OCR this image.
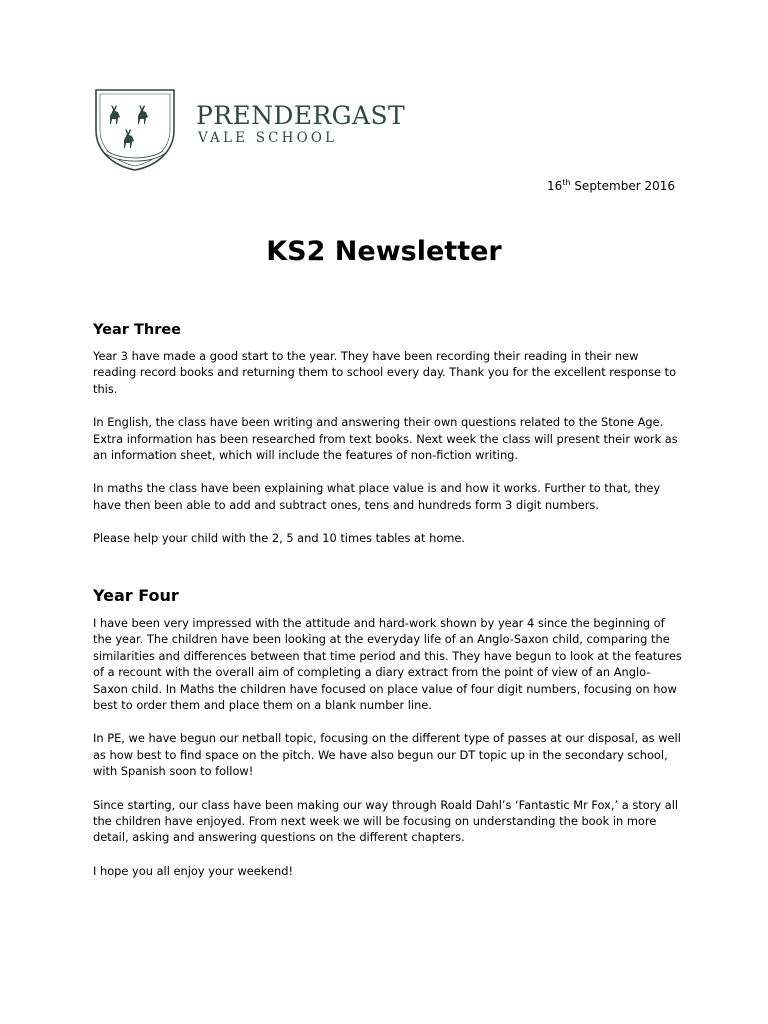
PRENDERGAST
VALE SCHOOL
16th September 2016
KS2 Newsletter
Year Three

Year 3 have made a good start to the year. They have been recording their reading in their new reading record books and returning them to school every day. Thank you for the excellent response to this.

In English, the class have been writing and answering their own questions related to the Stone Age. Extra information has been researched from text books. Next week the class will present their work as an information sheet, which will include the features of non-fiction writing.

In maths the class have been explaining what place value is and how it works. Further to that, they have then been able to add and subtract ones, tens and hundreds form 3 digit numbers.

Please help your child with the 2, 5 and 10 times tables at home.

Year Four

I have been very impressed with the attitude and hard-work shown by year 4 since the beginning of the year. The children have been looking at the everyday life of an Anglo-Saxon child, comparing the similarities and differences between that time period and this. They have begun to look at the features of a recount with the overall aim of completing a diary extract from the point of view of an Anglo-Saxon child. In Maths the children have focused on place value of four digit numbers, focusing on how best to order them and place them on a blank number line.

In PE, we have begun our netball topic, focusing on the different type of passes at our disposal, as well as how best to find space on the pitch. We have also begun our DT topic up in the secondary school, with Spanish soon to follow!

Since starting, our class have been making our way through Roald Dahl’s ‘Fantastic Mr Fox,’ a story all the children have enjoyed. From next week we will be focusing on understanding the book in more detail, asking and answering questions on the different chapters.

I hope you all enjoy your weekend!
